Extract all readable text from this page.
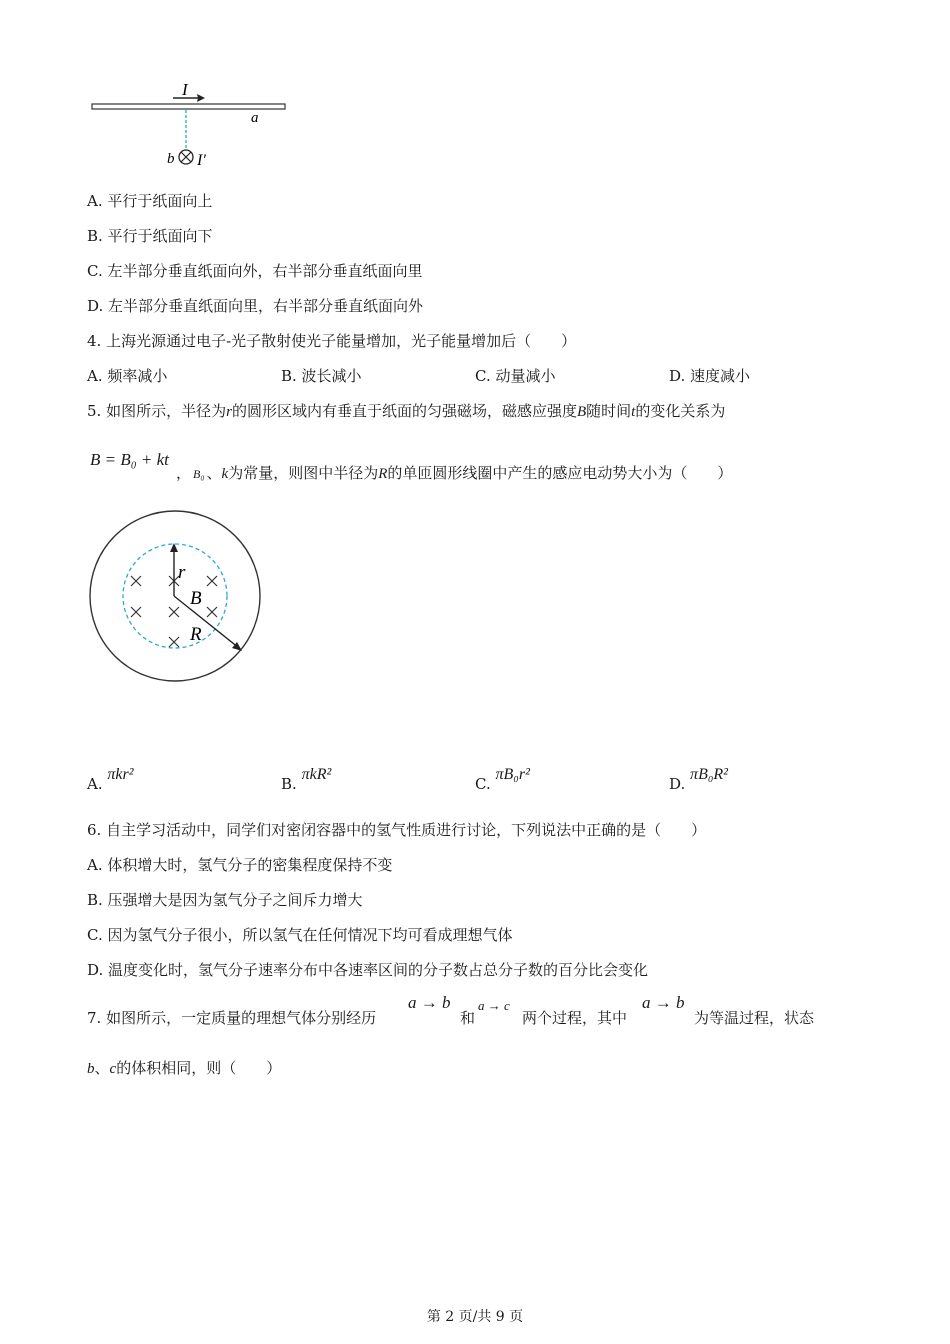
I
a
b I′
A. 平行于纸面向上
B. 平行于纸面向下
C. 左半部分垂直纸面向外，右半部分垂直纸面向里
D. 左半部分垂直纸面向里，右半部分垂直纸面向外
4. 上海光源通过电子-光子散射使光子能量增加，光子能量增加后（　　）
A. 频率减小	B. 波长减小	C. 动量减小	D. 速度减小
5. 如图所示，半径为r的圆形区域内有垂直于纸面的匀强磁场，磁感应强度B随时间t的变化关系为
B = B₀ + kt
， B₀ 、k为常量，则图中半径为R的单匝圆形线圈中产生的感应电动势大小为（　　）
r
B
R
A. πkr²
B. πkR²
C. πB₀r²
D. πB₀R²
6. 自主学习活动中，同学们对密闭容器中的氢气性质进行讨论，下列说法中正确的是（　　）
A. 体积增大时，氢气分子的密集程度保持不变
B. 压强增大是因为氢气分子之间斥力增大
C. 因为氢气分子很小，所以氢气在任何情况下均可看成理想气体
D. 温度变化时，氢气分子速率分布中各速率区间的分子数占总分子数的百分比会变化
7. 如图所示，一定质量的理想气体分别经历
a → b
和
a → c
两个过程，其中
a → b
为等温过程，状态
b、c的体积相同，则（　　）
第 2 页/共 9 页
